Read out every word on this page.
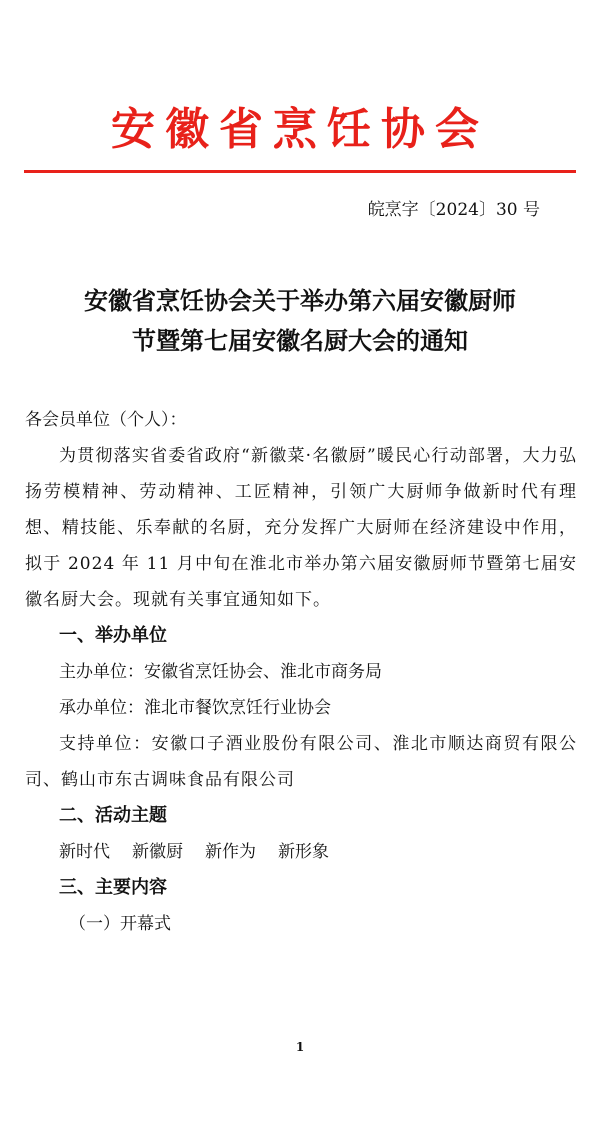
安徽省烹饪协会
皖烹字〔2024〕30 号
安徽省烹饪协会关于举办第六届安徽厨师
节暨第七届安徽名厨大会的通知

各会员单位（个人）：

为贯彻落实省委省政府“新徽菜·名徽厨”暖民心行动部署，大力弘扬劳模精神、劳动精神、工匠精神，引领广大厨师争做新时代有理想、精技能、乐奉献的名厨，充分发挥广大厨师在经济建设中作用，拟于 2024 年 11 月中旬在淮北市举办第六届安徽厨师节暨第七届安徽名厨大会。现就有关事宜通知如下。

一、举办单位

主办单位：安徽省烹饪协会、淮北市商务局

承办单位：淮北市餐饮烹饪行业协会

支持单位：安徽口子酒业股份有限公司、淮北市顺达商贸有限公司、鹤山市东古调味食品有限公司

二、活动主题

新时代 新徽厨 新作为 新形象

三、主要内容

（一）开幕式

1
